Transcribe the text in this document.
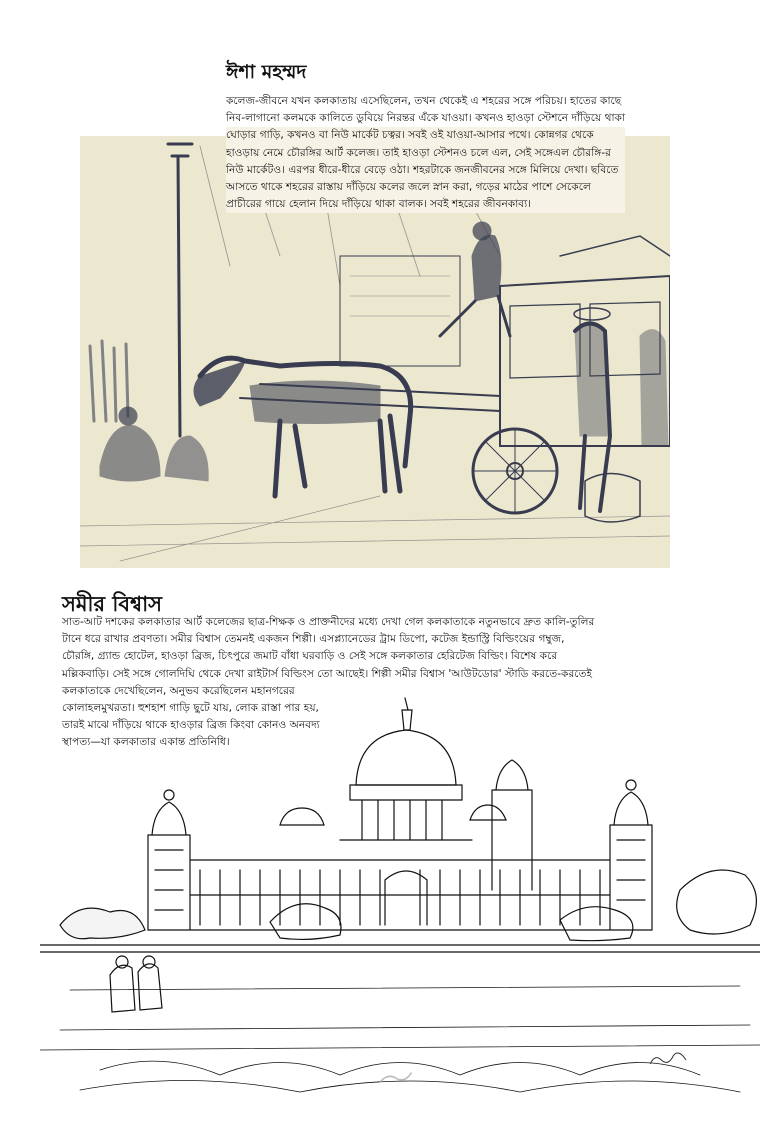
ঈশা মহম্মদ

কলেজ-জীবনে যখন কলকাতায় এসেছিলেন, তখন থেকেই এ শহরের সঙ্গে পরিচয়। হাতের কাছে
নিব-লাগানো কলমকে কালিতে ডুবিয়ে নিরন্তর এঁকে যাওয়া। কখনও হাওড়া স্টেশনে দাঁড়িয়ে থাকা
ঘোড়ার গাড়ি, কখনও বা নিউ মার্কেট চত্বর। সবই ওই যাওয়া-আসার পথে। কোন্নগর থেকে
হাওড়ায় নেমে চৌরঙ্গির আর্ট কলেজ। তাই হাওড়া স্টেশনও চলে এল, সেই সঙ্গেএল চৌরঙ্গি-র
নিউ মার্কেটও। এরপর ধীরে-ধীরে বেড়ে ওঠা। শহরটাকে জনজীবনের সঙ্গে মিলিয়ে দেখা। ছবিতে
আসতে থাকে শহরের রাস্তায় দাঁড়িয়ে কলের জলে স্নান করা, গড়ের মাঠের পাশে সেকেলে
প্রাচীরের গায়ে হেলান দিয়ে দাঁড়িয়ে থাকা বালক। সবই শহরের জীবনকাব্য।

সমীর বিশ্বাস

সাত-আট দশকের কলকাতার আর্ট কলেজের ছাত্র-শিক্ষক ও প্রাক্তনীদের মধ্যে দেখা গেল কলকাতাকে নতুনভাবে দ্রুত কালি-তুলির
টানে ধরে রাখার প্রবণতা। সমীর বিশ্বাস তেমনই একজন শিল্পী। এসপ্ল্যানেডের ট্রাম ডিপো, কটেজ ইন্ডাস্ট্রি বিল্ডিংয়ের গম্বুজ,
চৌরঙ্গি, গ্র্যান্ড হোটেল, হাওড়া ব্রিজ, চিৎপুরে জমাট বাঁধা ঘরবাড়ি ও সেই সঙ্গে কলকাতার হেরিটেজ বিল্ডিং। বিশেষ করে
মল্লিকবাড়ি। সেই সঙ্গে গোলদিঘি থেকে দেখা রাইটার্স বিল্ডিংস তো আছেই। শিল্পী সমীর বিশ্বাস 'আউটডোর' স্টাডি করতে-করতেই
কলকাতাকে দেখেছিলেন, অনুভব করেছিলেন মহানগরের
কোলাহলমুখরতা। হুশহাশ গাড়ি ছুটে যায়, লোক রাস্তা পার হয়,
তারই মাঝে দাঁড়িয়ে থাকে হাওড়ার ব্রিজ কিংবা কোনও অনবদ্য
স্থাপত্য—যা কলকাতার একান্ত প্রতিনিধি।
